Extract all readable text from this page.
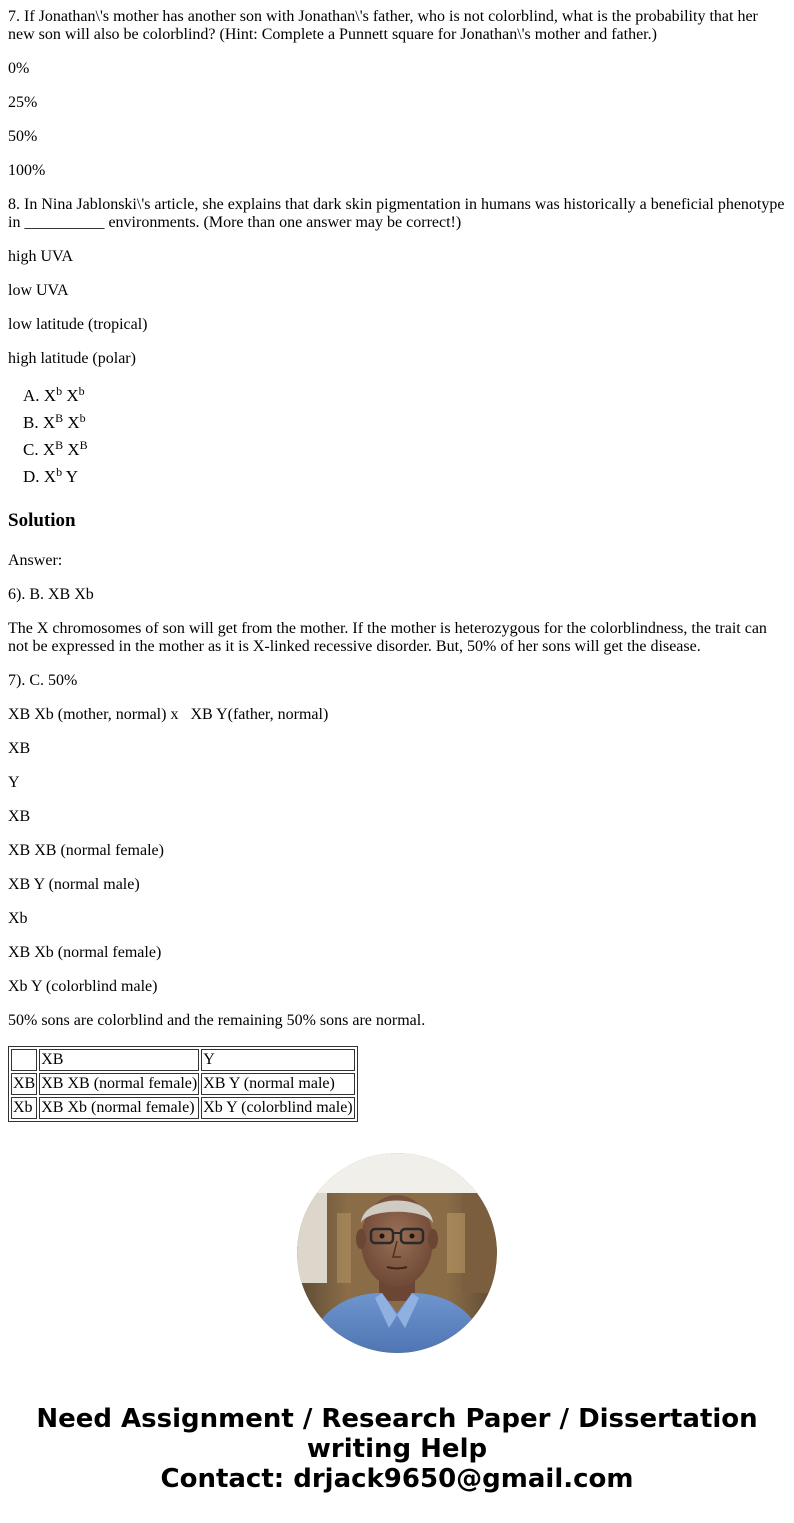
7. If Jonathan\'s mother has another son with Jonathan\'s father, who is not colorblind, what is the probability that her new son will also be colorblind? (Hint: Complete a Punnett square for Jonathan\'s mother and father.)

0%

25%

50%

100%

8. In Nina Jablonski\'s article, she explains that dark skin pigmentation in humans was historically a beneficial phenotype in __________ environments. (More than one answer may be correct!)

high UVA

low UVA

low latitude (tropical)

high latitude (polar)

A. $X^b$ $X^b$
B. $X^B$ $X^b$
C. $X^B$ $X^B$
D. $X^b$ Y
Solution

Answer:

6). B. XB Xb

The X chromosomes of son will get from the mother. If the mother is heterozygous for the colorblindness, the trait can not be expressed in the mother as it is X-linked recessive disorder. But, 50% of her sons will get the disease.

7). C. 50%

XB Xb (mother, normal) x   XB Y(father, normal)

XB

Y

XB

XB XB (normal female)

XB Y (normal male)

Xb

XB Xb (normal female)

Xb Y (colorblind male)

50% sons are colorblind and the remaining 50% sons are normal.

	XB	Y
XB	XB XB (normal female)	XB Y (normal male)
Xb	XB Xb (normal female)	Xb Y (colorblind male)
Need Assignment / Research Paper / Dissertation
writing Help
Contact: drjack9650@gmail.com
